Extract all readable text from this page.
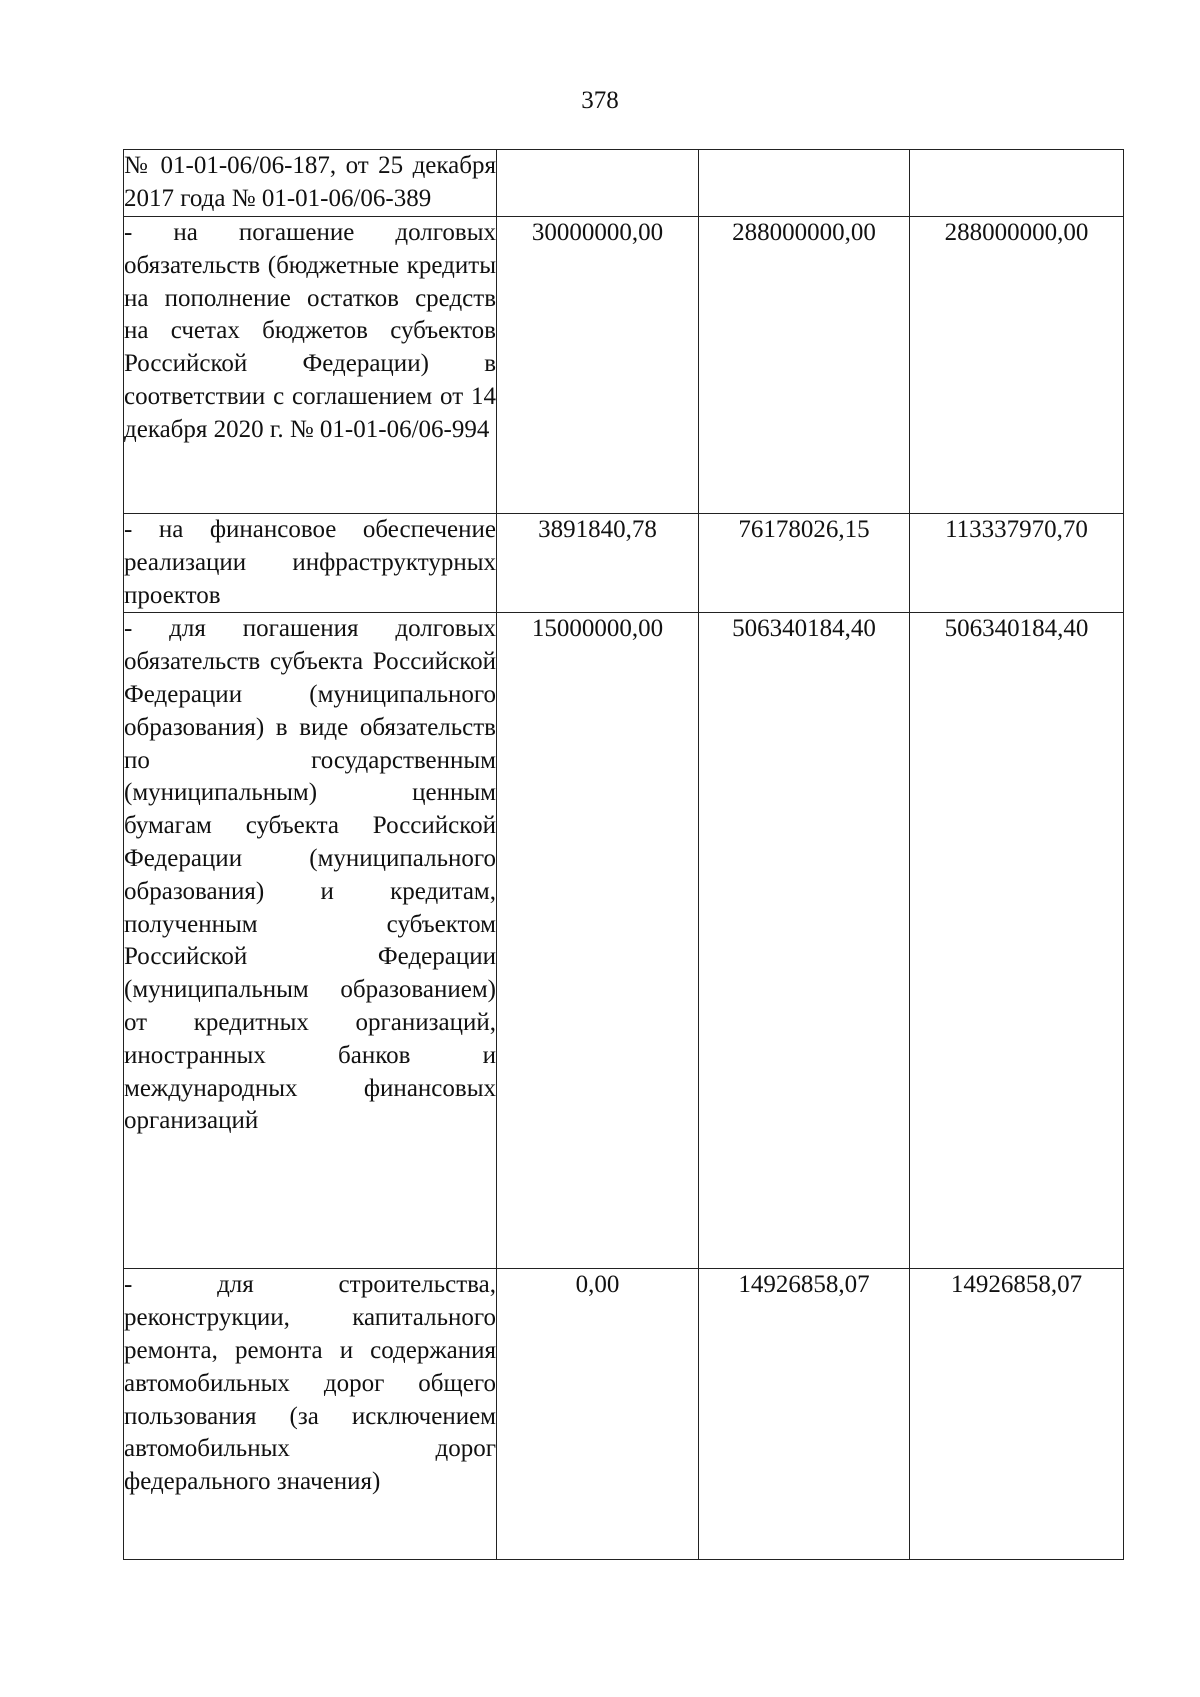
378
№ 01-01-06/06-187, от 25 декабря 2017 года № 01-01-06/06-389			
- на погашение долговых обязательств (бюджетные кредиты на пополнение остатков средств на счетах бюджетов субъектов Российской Федерации) в соответствии с соглашением от 14 декабря 2020 г. № 01-01-06/06-994	30000000,00	288000000,00	288000000,00
- на финансовое обеспечение реализации инфраструктурных проектов	3891840,78	76178026,15	113337970,70
- для погашения долговых обязательств субъекта Российской Федерации (муниципального образования) в виде обязательств по государственным (муниципальным) ценным бумагам субъекта Российской Федерации (муниципального образования) и кредитам, полученным субъектом Российской Федерации (муниципальным образованием) от кредитных организаций, иностранных банков и международных финансовых организаций	15000000,00	506340184,40	506340184,40
- для строительства, реконструкции, капитального ремонта, ремонта и содержания автомобильных дорог общего пользования (за исключением автомобильных дорог федерального значения)	0,00	14926858,07	14926858,07
